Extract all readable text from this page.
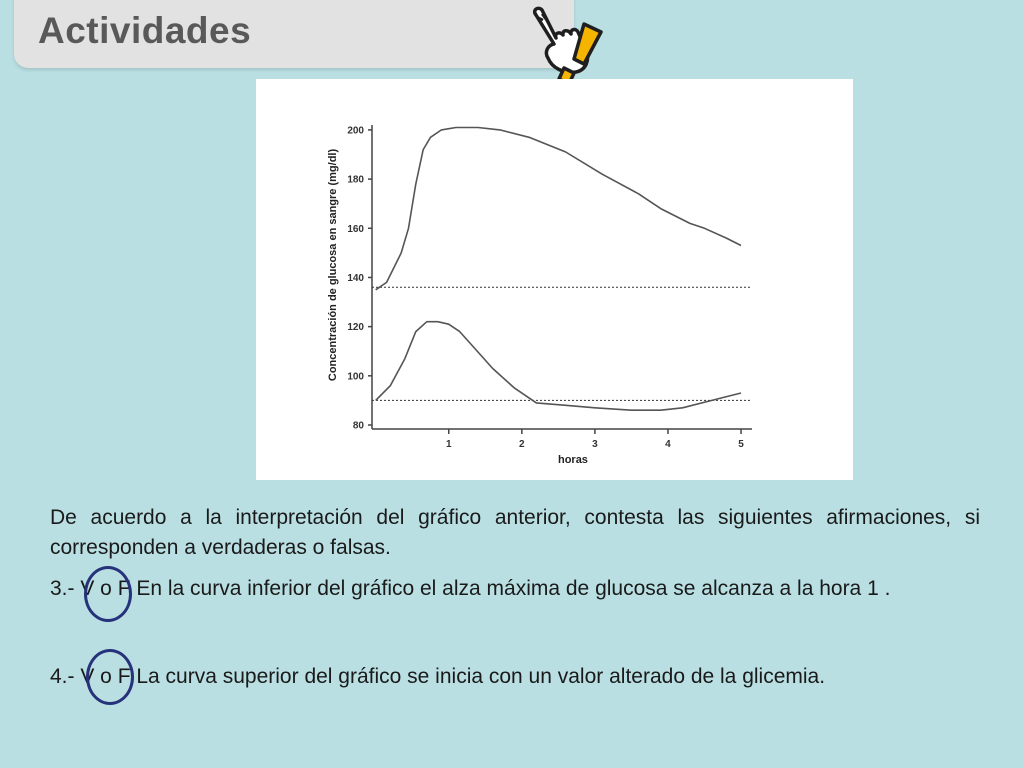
Actividades
80
100
120
140
160
180
200
1	2	3	4	5
Concentración de glucosa en sangre (mg/dl)
horas
De acuerdo a la interpretación del gráfico anterior, contesta las siguientes afirmaciones, si corresponden a verdaderas o falsas.
3.- V o F En la curva inferior del gráfico el alza máxima de glucosa se alcanza a la hora 1 .
4.- V o F La curva superior del gráfico se inicia con un valor alterado de la glicemia.
